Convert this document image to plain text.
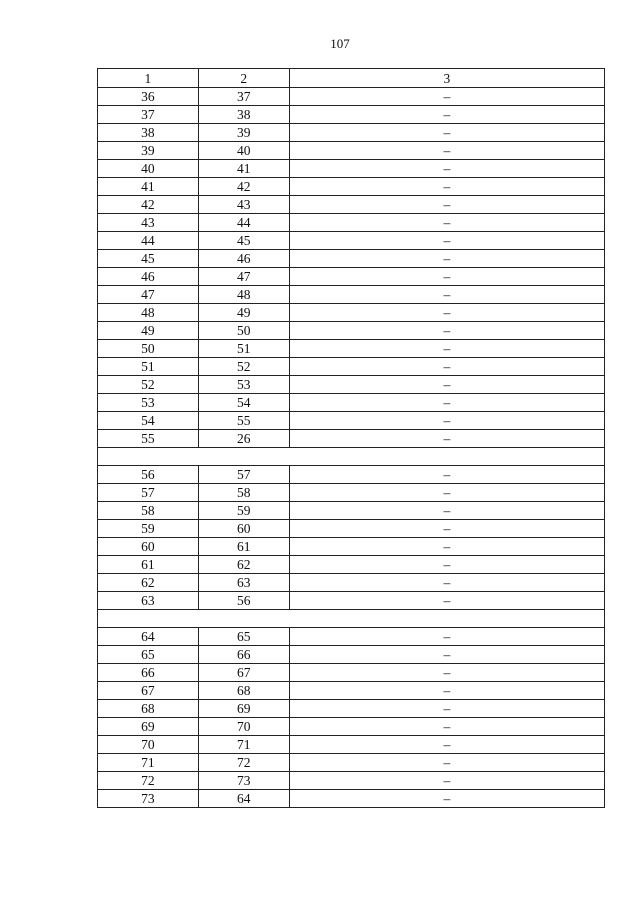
107
1	2	3
36	37	–
37	38	–
38	39	–
39	40	–
40	41	–
41	42	–
42	43	–
43	44	–
44	45	–
45	46	–
46	47	–
47	48	–
48	49	–
49	50	–
50	51	–
51	52	–
52	53	–
53	54	–
54	55	–
55	26	–

56	57	–
57	58	–
58	59	–
59	60	–
60	61	–
61	62	–
62	63	–
63	56	–

64	65	–
65	66	–
66	67	–
67	68	–
68	69	–
69	70	–
70	71	–
71	72	–
72	73	–
73	64	–
